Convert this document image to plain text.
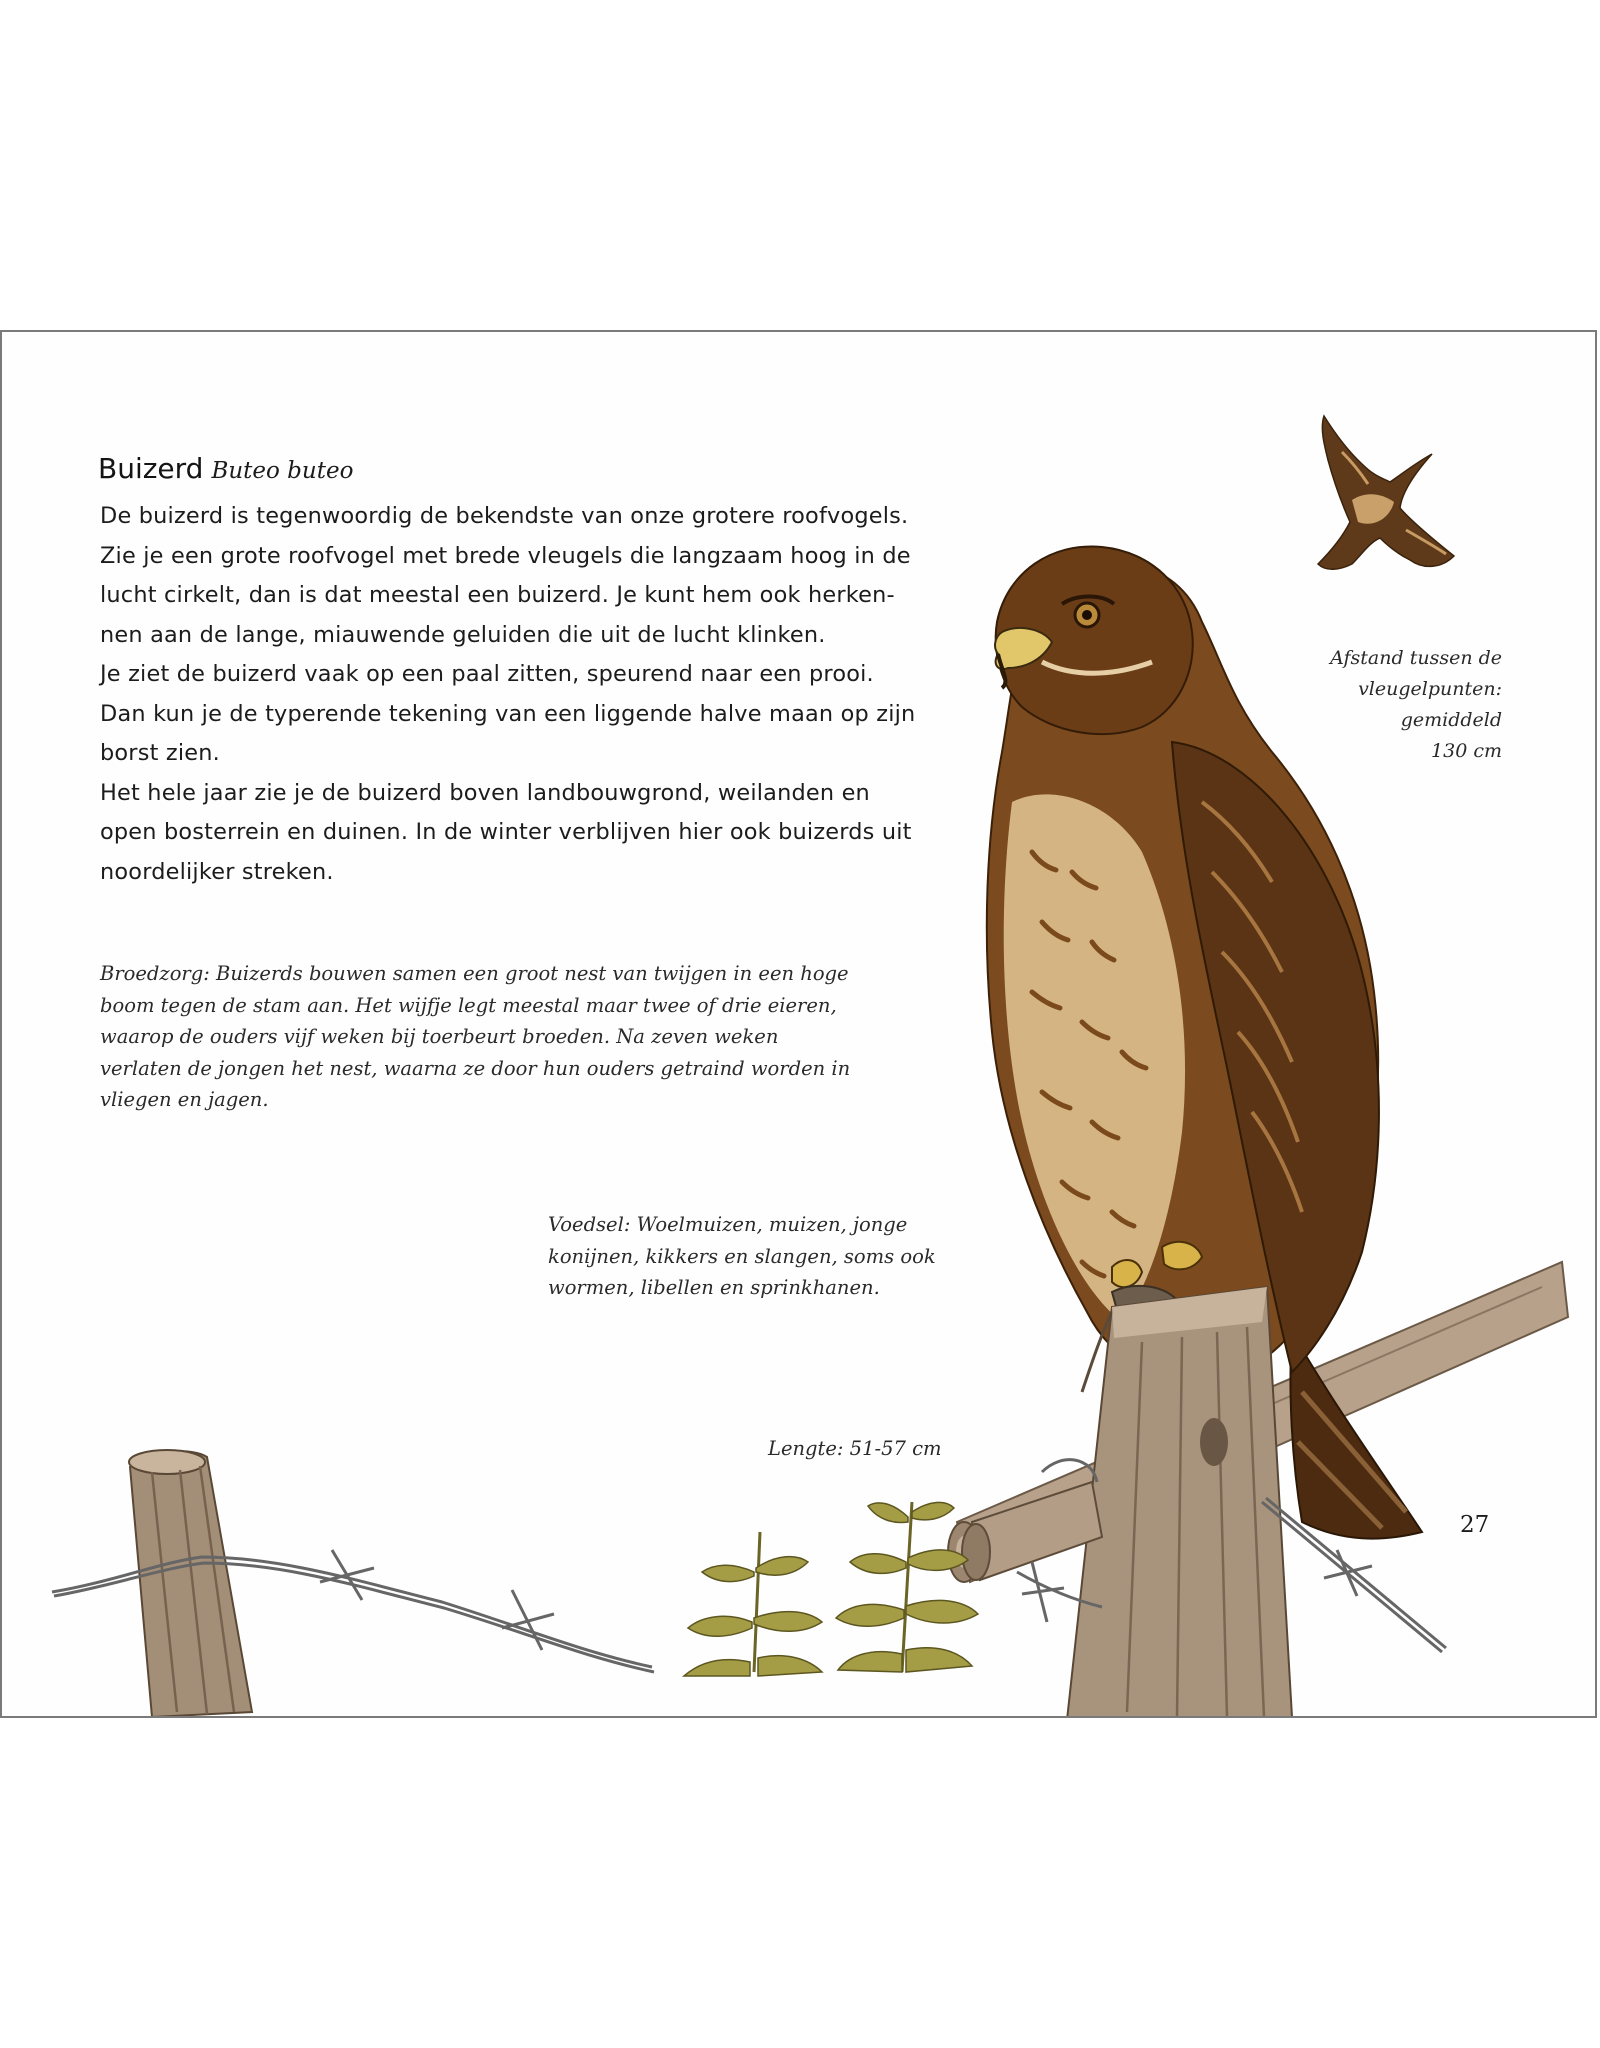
Buizerd Buteo buteo

De buizerd is tegenwoordig de bekendste van onze grotere roofvogels.

Zie je een grote roofvogel met brede vleugels die langzaam hoog in de

lucht cirkelt, dan is dat meestal een buizerd. Je kunt hem ook herken-

nen aan de lange, miauwende geluiden die uit de lucht klinken.

Je ziet de buizerd vaak op een paal zitten, speurend naar een prooi.

Dan kun je de typerende tekening van een liggende halve maan op zijn

borst zien.

Het hele jaar zie je de buizerd boven landbouwgrond, weilanden en

open bosterrein en duinen. In de winter verblijven hier ook buizerds uit

noordelijker streken.

Broedzorg: Buizerds bouwen samen een groot nest van twijgen in een hoge

boom tegen de stam aan. Het wijfje legt meestal maar twee of drie eieren,

waarop de ouders vijf weken bij toerbeurt broeden. Na zeven weken

verlaten de jongen het nest, waarna ze door hun ouders getraind worden in

vliegen en jagen.

Voedsel: Woelmuizen, muizen, jonge

konijnen, kikkers en slangen, soms ook

wormen, libellen en sprinkhanen.

Lengte: 51-57 cm

Afstand tussen de

vleugelpunten:

gemiddeld

130 cm

27
